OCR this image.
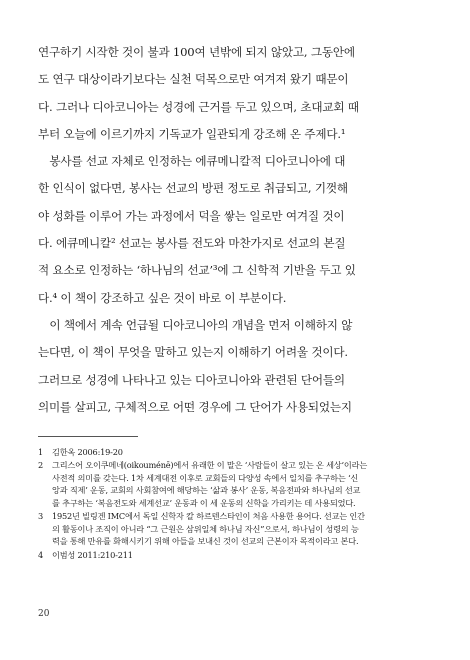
연구하기 시작한 것이 불과 100여 년밖에 되지 않았고, 그동안에
도 연구 대상이라기보다는 실천 덕목으로만 여겨져 왔기 때문이
다. 그러나 디아코니아는 성경에 근거를 두고 있으며, 초대교회 때
부터 오늘에 이르기까지 기독교가 일관되게 강조해 온 주제다.¹
　봉사를 선교 자체로 인정하는 에큐메니칼적 디아코니아에 대
한 인식이 없다면, 봉사는 선교의 방편 정도로 취급되고, 기껏해
야 성화를 이루어 가는 과정에서 덕을 쌓는 일로만 여겨질 것이
다. 에큐메니칼² 선교는 봉사를 전도와 마찬가지로 선교의 본질
적 요소로 인정하는 ‘하나님의 선교’³에 그 신학적 기반을 두고 있
다.⁴ 이 책이 강조하고 싶은 것이 바로 이 부분이다.
　이 책에서 계속 언급될 디아코니아의 개념을 먼저 이해하지 않
는다면, 이 책이 무엇을 말하고 있는지 이해하기 어려울 것이다.
그러므로 성경에 나타나고 있는 디아코니아와 관련된 단어들의
의미를 살피고, 구체적으로 어떤 경우에 그 단어가 사용되었는지
1	김한옥 2006:19-20
2	그리스어 오이쿠메네(oikouménē)에서 유래한 이 말은 ‘사람들이 살고 있는 온 세상’이라는
사전적 의미를 갖는다. 1차 세계대전 이후로 교회들의 다양성 속에서 일치를 추구하는 ‘신
앙과 직제’ 운동, 교회의 사회참여에 해당하는 ‘삶과 봉사’ 운동, 복음전파와 하나님의 선교
를 추구하는 ‘복음전도와 세계선교’ 운동과 이 세 운동의 신학을 가리키는 데 사용되었다.
3	1952년 빌링겐 IMC에서 독일 신학자 칼 하르텐스타인이 처음 사용한 용어다. 선교는 인간
의 활동이나 조직이 아니라 “그 근원은 삼위일체 하나님 자신”으로서, 하나님이 성령의 능
력을 통해 만유를 화해시키기 위해 아들을 보내신 것이 선교의 근본이자 목적이라고 본다.
4	이범성 2011:210-211
20
